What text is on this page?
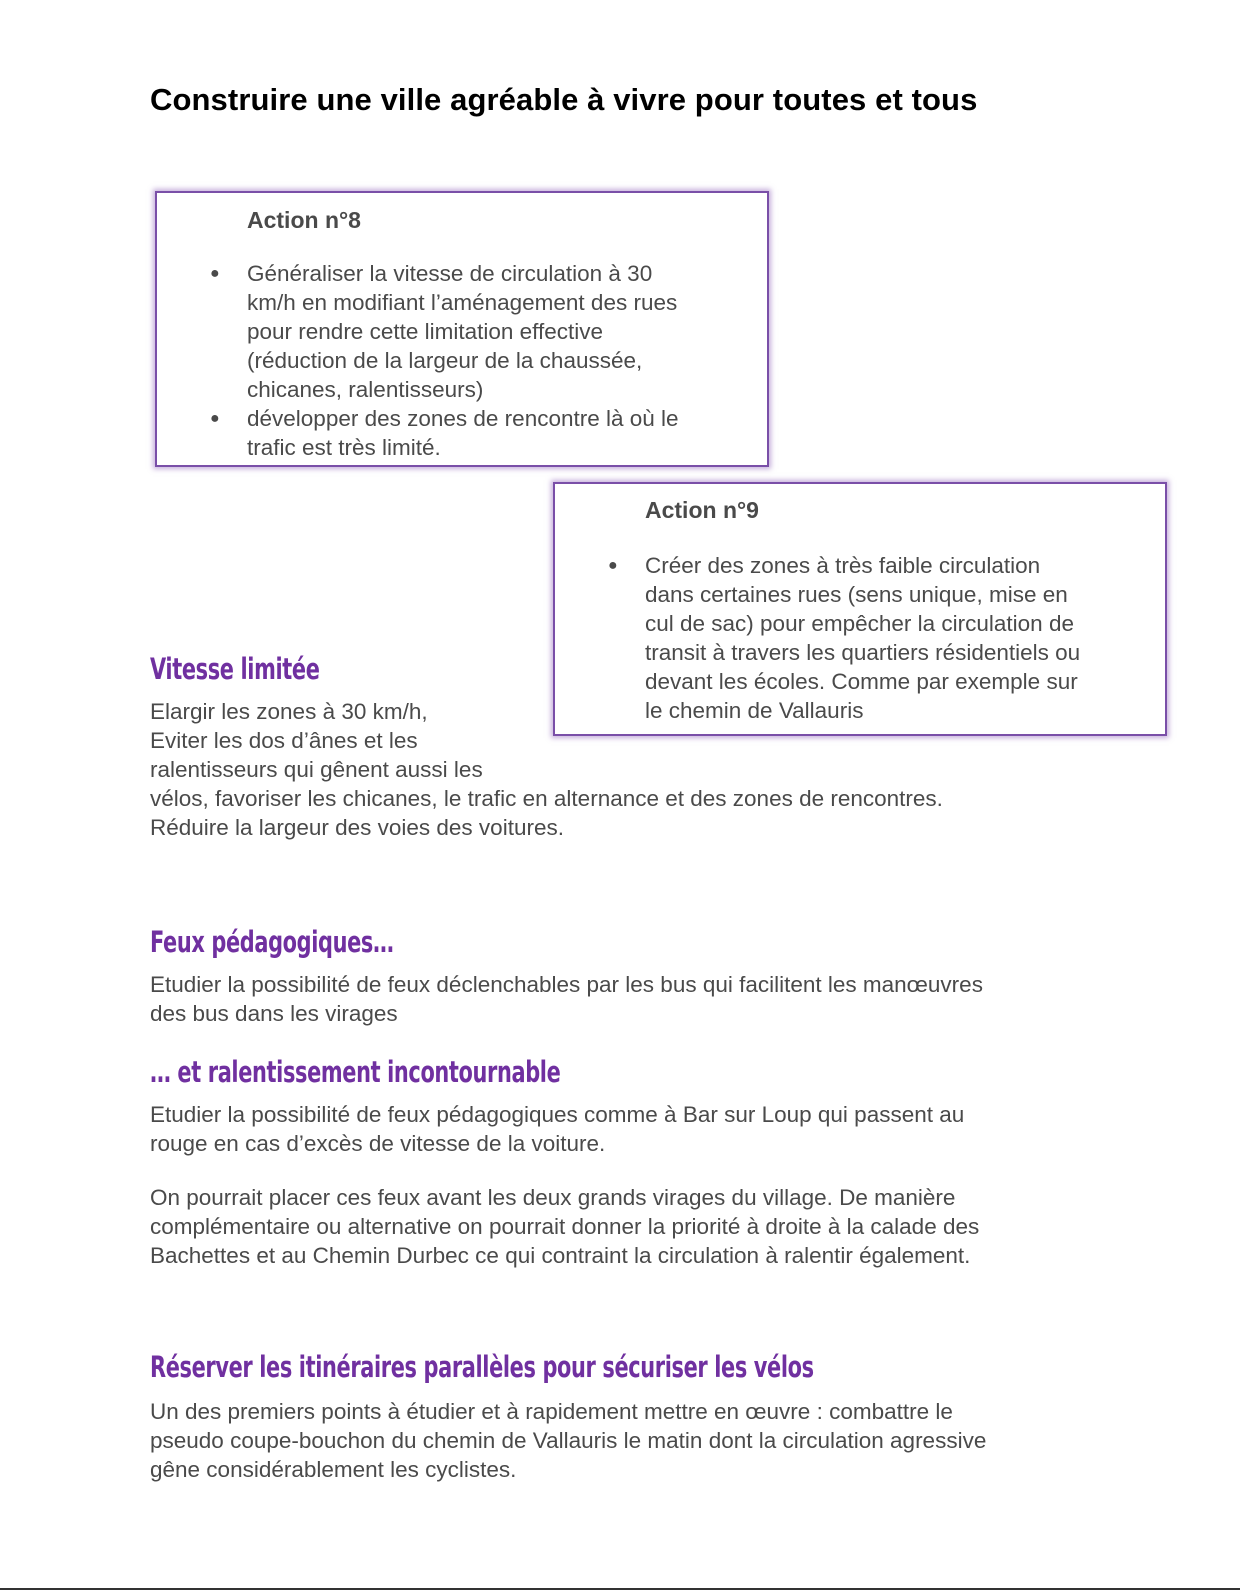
Construire une ville agréable à vivre pour toutes et tous
Action n°8
● Généraliser la vitesse de circulation à 30
km/h en modifiant l’aménagement des rues
pour rendre cette limitation effective
(réduction de la largeur de la chaussée,
chicanes, ralentisseurs)
● développer des zones de rencontre là où le
trafic est très limité.
Action n°9
● Créer des zones à très faible circulation
dans certaines rues (sens unique, mise en
cul de sac) pour empêcher la circulation de
transit à travers les quartiers résidentiels ou
devant les écoles. Comme par exemple sur
le chemin de Vallauris
Vitesse limitée

Elargir les zones à 30 km/h,
Eviter les dos d’ânes et les
ralentisseurs qui gênent aussi les
vélos, favoriser les chicanes, le trafic en alternance et des zones de rencontres.
Réduire la largeur des voies des voitures.

Feux pédagogiques…

Etudier la possibilité de feux déclenchables par les bus qui facilitent les manœuvres
des bus dans les virages

… et ralentissement incontournable

Etudier la possibilité de feux pédagogiques comme à Bar sur Loup qui passent au
rouge en cas d’excès de vitesse de la voiture.

On pourrait placer ces feux avant les deux grands virages du village. De manière
complémentaire ou alternative on pourrait donner la priorité à droite à la calade des
Bachettes et au Chemin Durbec ce qui contraint la circulation à ralentir également.

Réserver les itinéraires parallèles pour sécuriser les vélos

Un des premiers points à étudier et à rapidement mettre en œuvre : combattre le
pseudo coupe-bouchon du chemin de Vallauris le matin dont la circulation agressive
gêne considérablement les cyclistes.
